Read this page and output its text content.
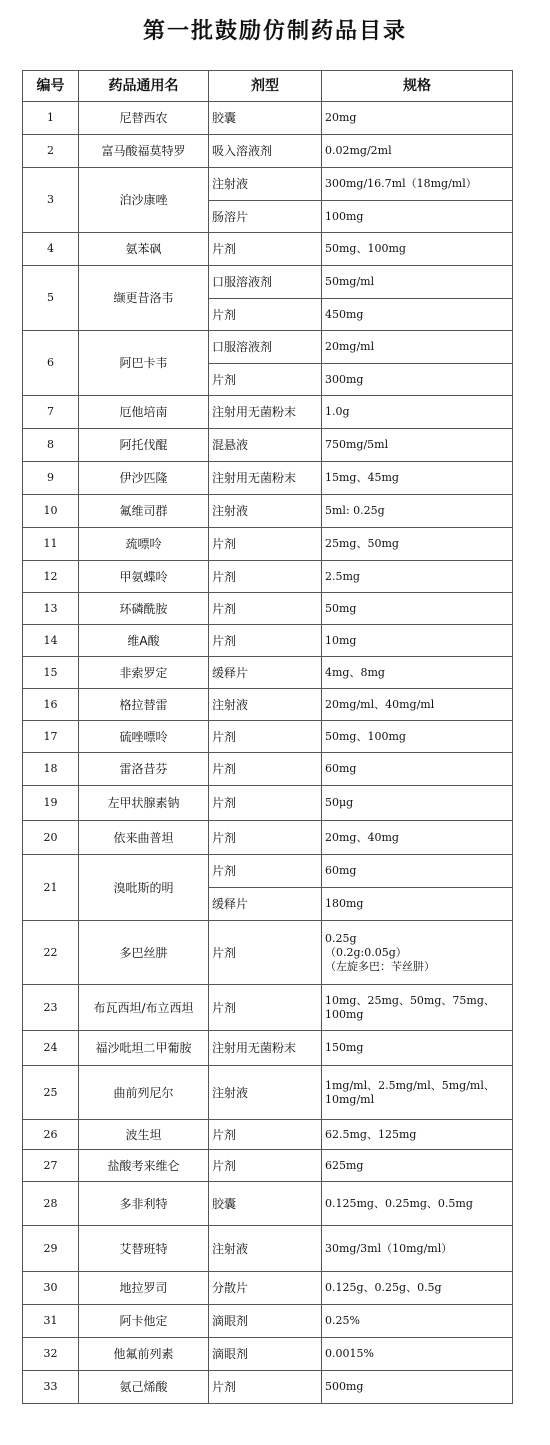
第一批鼓励仿制药品目录
编号	药品通用名	剂型	规格
1	尼替西农	胶囊	20mg
2	富马酸福莫特罗	吸入溶液剂	0.02mg/2ml
3	泊沙康唑	注射液	300mg/16.7ml（18mg/ml）
		肠溶片	100mg
4	氨苯砜	片剂	50mg、100mg
5	缬更昔洛韦	口服溶液剂	50mg/ml
		片剂	450mg
6	阿巴卡韦	口服溶液剂	20mg/ml
		片剂	300mg
7	厄他培南	注射用无菌粉末	1.0g
8	阿托伐醌	混悬液	750mg/5ml
9	伊沙匹隆	注射用无菌粉末	15mg、45mg
10	氟维司群	注射液	5ml: 0.25g
11	巯嘌呤	片剂	25mg、50mg
12	甲氨蝶呤	片剂	2.5mg
13	环磷酰胺	片剂	50mg
14	维A酸	片剂	10mg
15	非索罗定	缓释片	4mg、8mg
16	格拉替雷	注射液	20mg/ml、40mg/ml
17	硫唑嘌呤	片剂	50mg、100mg
18	雷洛昔芬	片剂	60mg
19	左甲状腺素钠	片剂	50μg
20	依来曲普坦	片剂	20mg、40mg
21	溴吡斯的明	片剂	60mg
		缓释片	180mg
22	多巴丝肼	片剂	0.25g
（0.2g:0.05g）
（左旋多巴：苄丝肼）
23	布瓦西坦/布立西坦	片剂	10mg、25mg、50mg、75mg、100mg
24	福沙吡坦二甲葡胺	注射用无菌粉末	150mg
25	曲前列尼尔	注射液	1mg/ml、2.5mg/ml、5mg/ml、10mg/ml
26	波生坦	片剂	62.5mg、125mg
27	盐酸考来维仑	片剂	625mg
28	多非利特	胶囊	0.125mg、0.25mg、0.5mg
29	艾替班特	注射液	30mg/3ml（10mg/ml）
30	地拉罗司	分散片	0.125g、0.25g、0.5g
31	阿卡他定	滴眼剂	0.25%
32	他氟前列素	滴眼剂	0.0015%
33	氨己烯酸	片剂	500mg
